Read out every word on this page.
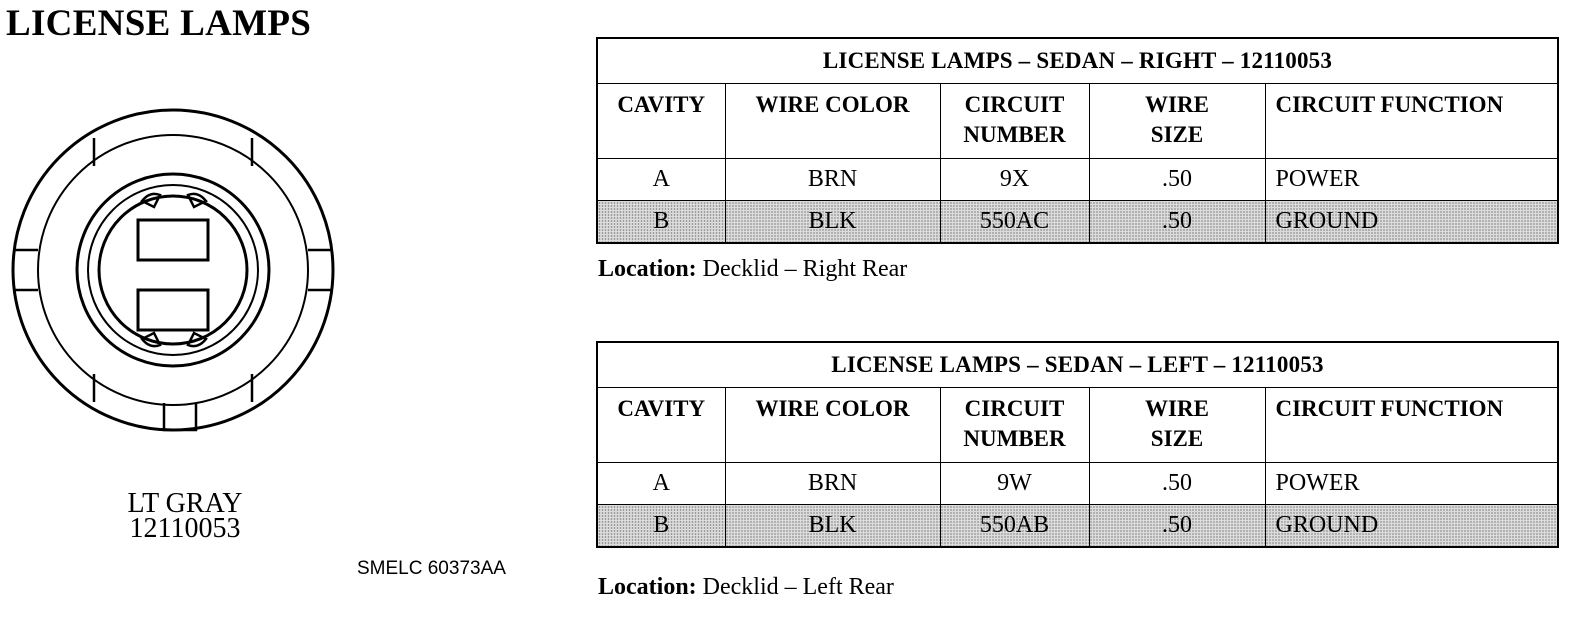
LICENSE LAMPS
LT GRAY
12110053
SMELC 60373AA
LICENSE LAMPS – SEDAN – RIGHT – 12110053				
CAVITY	WIRE COLOR	CIRCUIT NUMBER	WIRE SIZE	CIRCUIT FUNCTION
A	BRN	9X	.50	POWER
B	BLK	550AC	.50	GROUND
Location: Decklid – Right Rear
LICENSE LAMPS – SEDAN – LEFT – 12110053				
CAVITY	WIRE COLOR	CIRCUIT NUMBER	WIRE SIZE	CIRCUIT FUNCTION
A	BRN	9W	.50	POWER
B	BLK	550AB	.50	GROUND
Location: Decklid – Left Rear
